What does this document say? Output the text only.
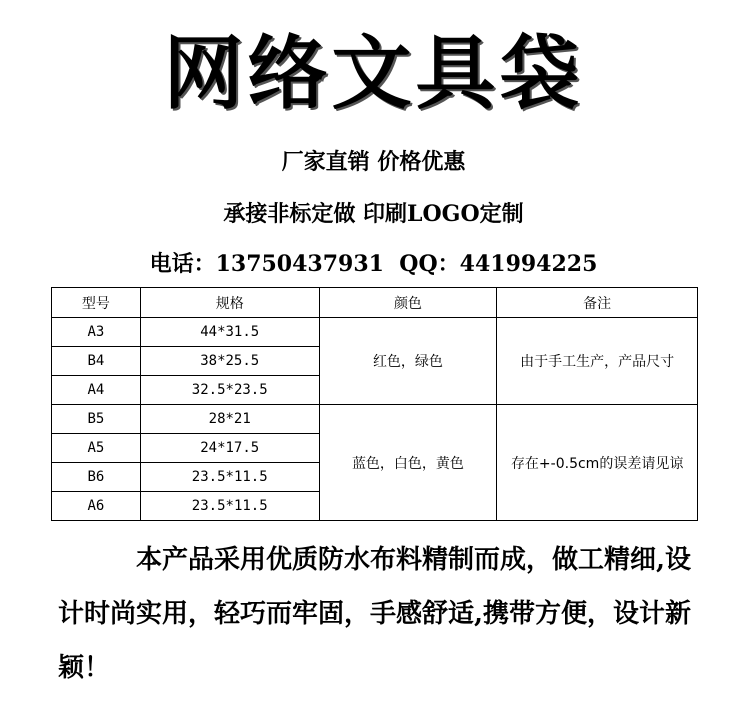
网络文具袋
厂家直销 价格优惠
承接非标定做 印刷LOGO定制
电话：13750437931 QQ：441994225
型号	规格	颜色	备注
A3	44*31.5	红色，绿色	由于手工生产，产品尺寸
B4	38*25.5		
A4	32.5*23.5		
B5	28*21	蓝色，白色，黄色	存在+-0.5cm的误差请见谅
A5	24*17.5		
B6	23.5*11.5		
A6	23.5*11.5		
本产品采用优质防水布料精制而成，做工精细,设计时尚实用，轻巧而牢固，手感舒适,携带方便，设计新颖！
